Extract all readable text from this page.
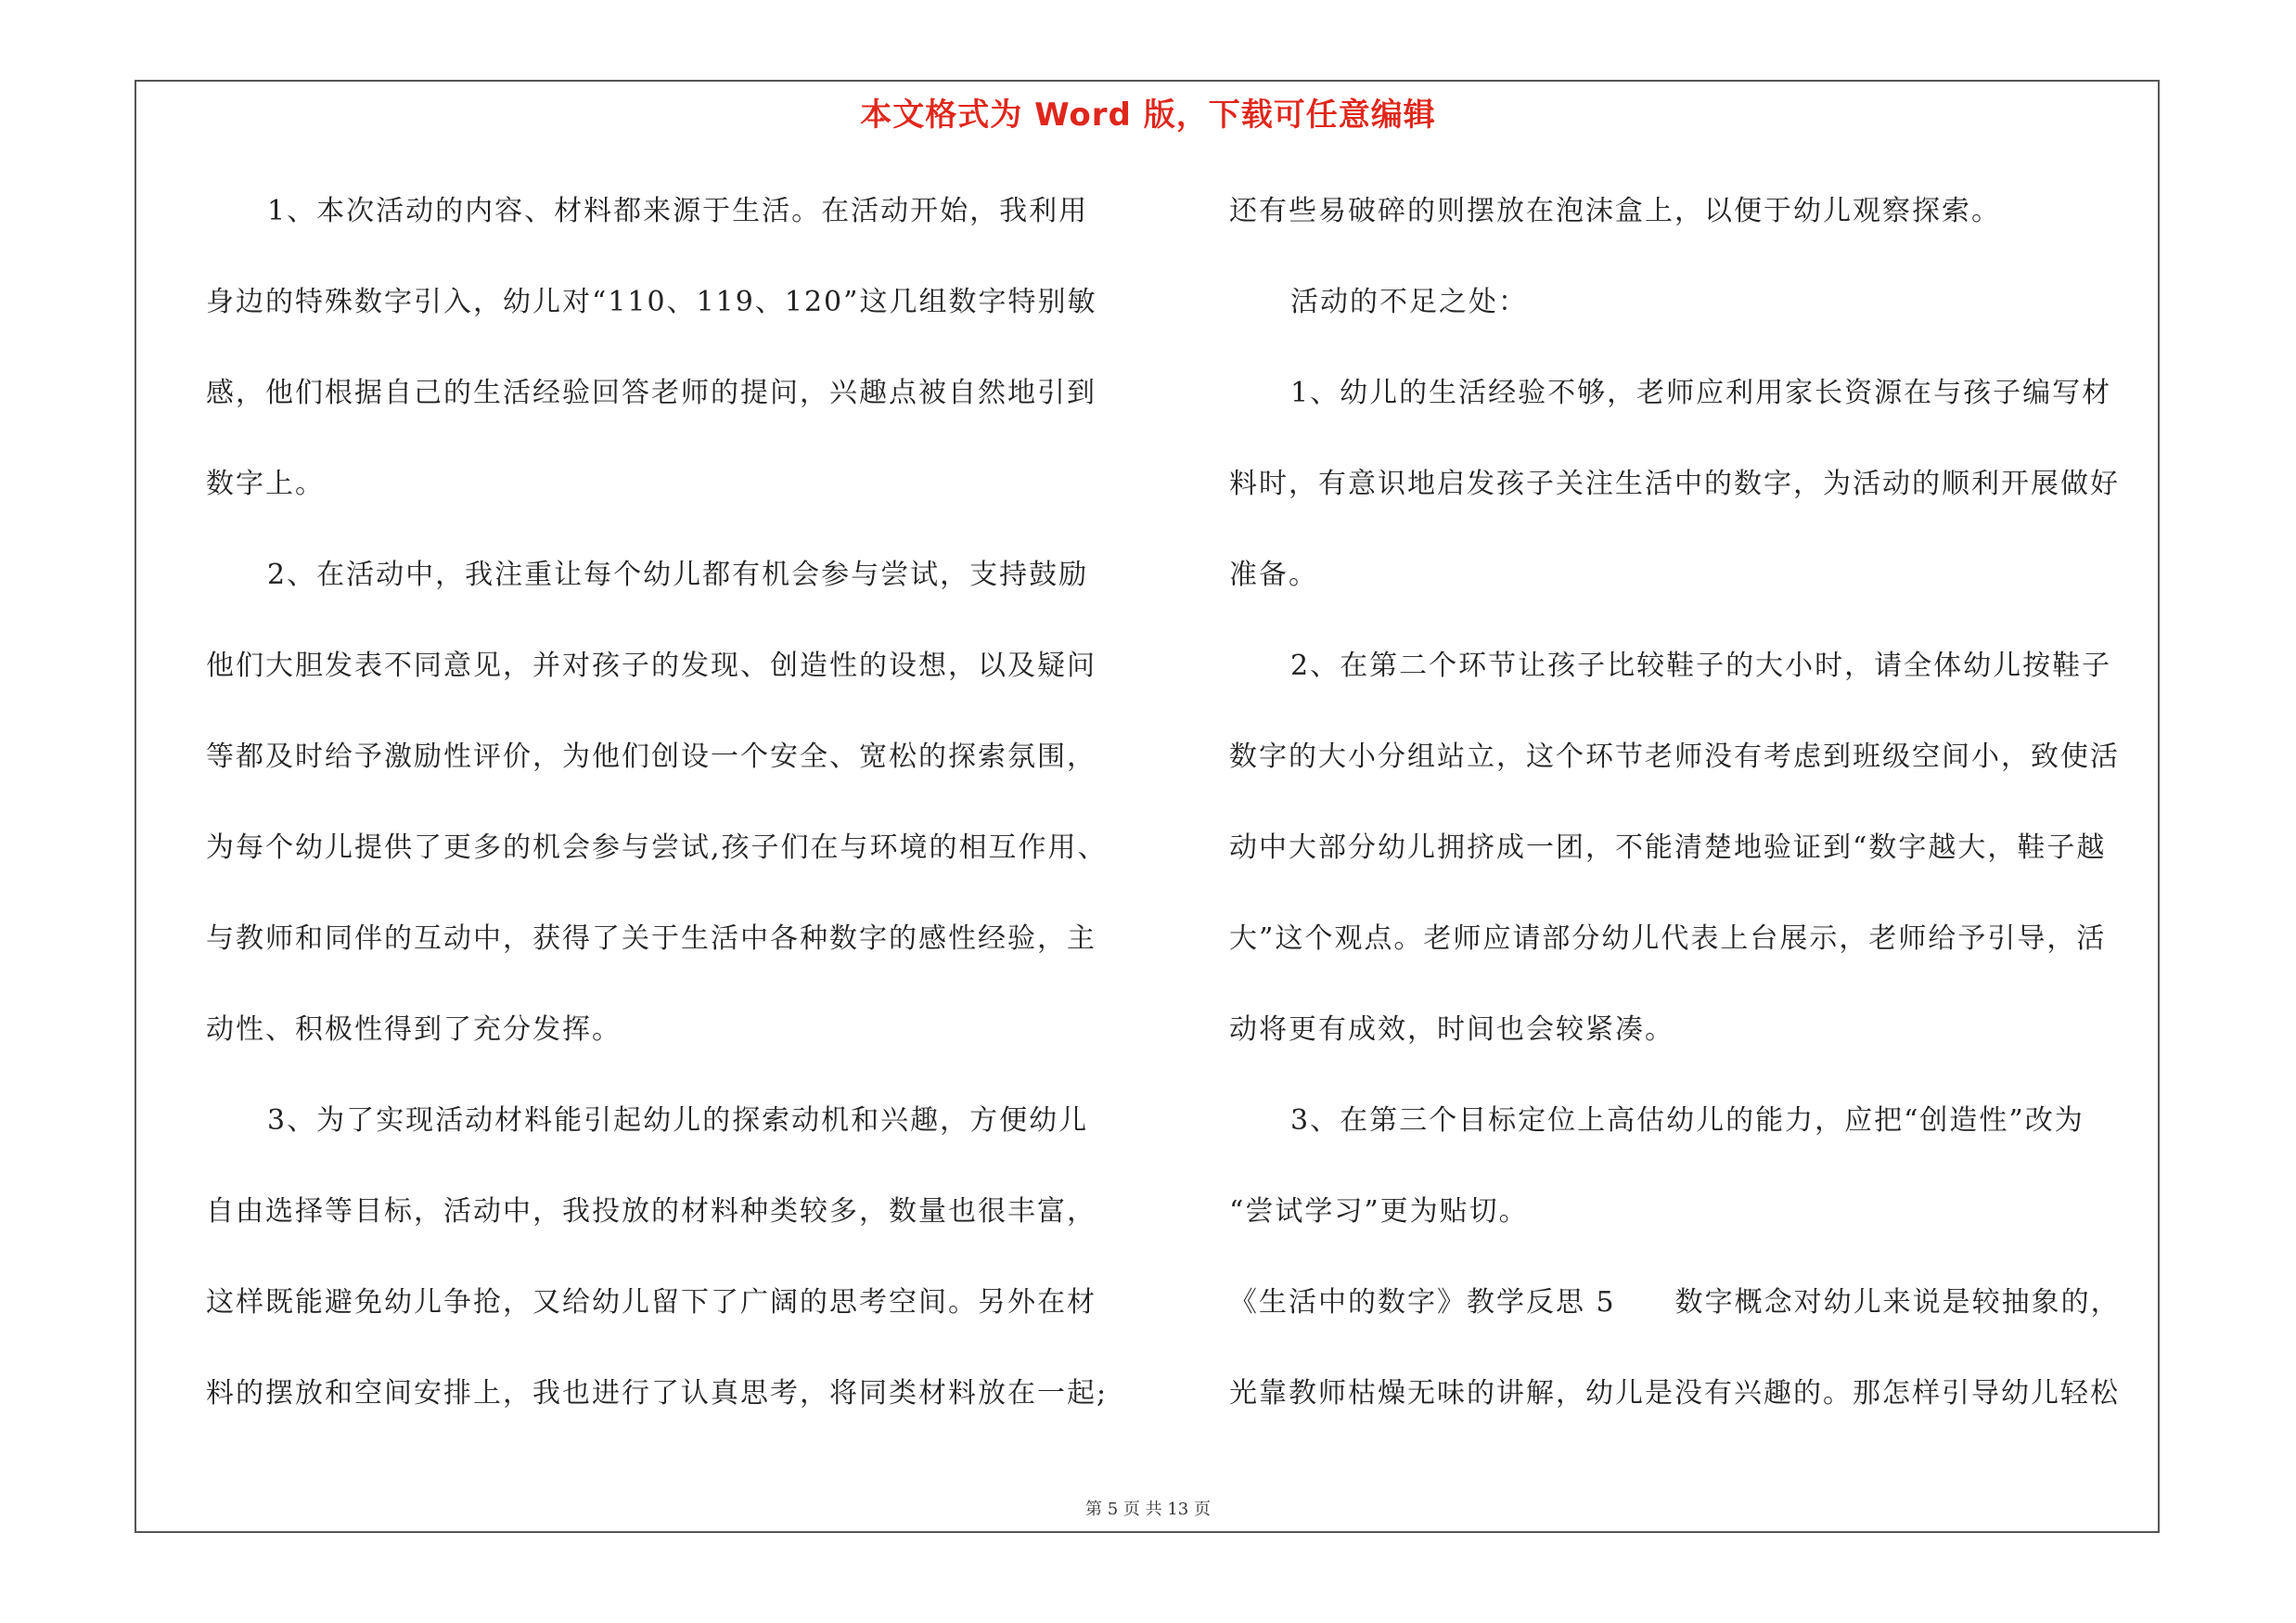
本文格式为 Word 版，下载可任意编辑
1、本次活动的内容、材料都来源于生活。在活动开始，我利用
身边的特殊数字引入，幼儿对“110、119、120”这几组数字特别敏
感，他们根据自己的生活经验回答老师的提问，兴趣点被自然地引到
数字上。
2、在活动中，我注重让每个幼儿都有机会参与尝试，支持鼓励
他们大胆发表不同意见，并对孩子的发现、创造性的设想，以及疑问
等都及时给予激励性评价，为他们创设一个安全、宽松的探索氛围，
为每个幼儿提供了更多的机会参与尝试,孩子们在与环境的相互作用、
与教师和同伴的互动中，获得了关于生活中各种数字的感性经验，主
动性、积极性得到了充分发挥。
3、为了实现活动材料能引起幼儿的探索动机和兴趣，方便幼儿
自由选择等目标，活动中，我投放的材料种类较多，数量也很丰富，
这样既能避免幼儿争抢，又给幼儿留下了广阔的思考空间。另外在材
料的摆放和空间安排上，我也进行了认真思考，将同类材料放在一起;
还有些易破碎的则摆放在泡沫盒上，以便于幼儿观察探索。
活动的不足之处：
1、幼儿的生活经验不够，老师应利用家长资源在与孩子编写材
料时，有意识地启发孩子关注生活中的数字，为活动的顺利开展做好
准备。
2、在第二个环节让孩子比较鞋子的大小时，请全体幼儿按鞋子
数字的大小分组站立，这个环节老师没有考虑到班级空间小，致使活
动中大部分幼儿拥挤成一团，不能清楚地验证到“数字越大，鞋子越
大”这个观点。老师应请部分幼儿代表上台展示，老师给予引导，活
动将更有成效，时间也会较紧凑。
3、在第三个目标定位上高估幼儿的能力，应把“创造性”改为
“尝试学习”更为贴切。
《生活中的数字》教学反思 5　　数字概念对幼儿来说是较抽象的，
光靠教师枯燥无味的讲解，幼儿是没有兴趣的。那怎样引导幼儿轻松
第 5 页 共 13 页
